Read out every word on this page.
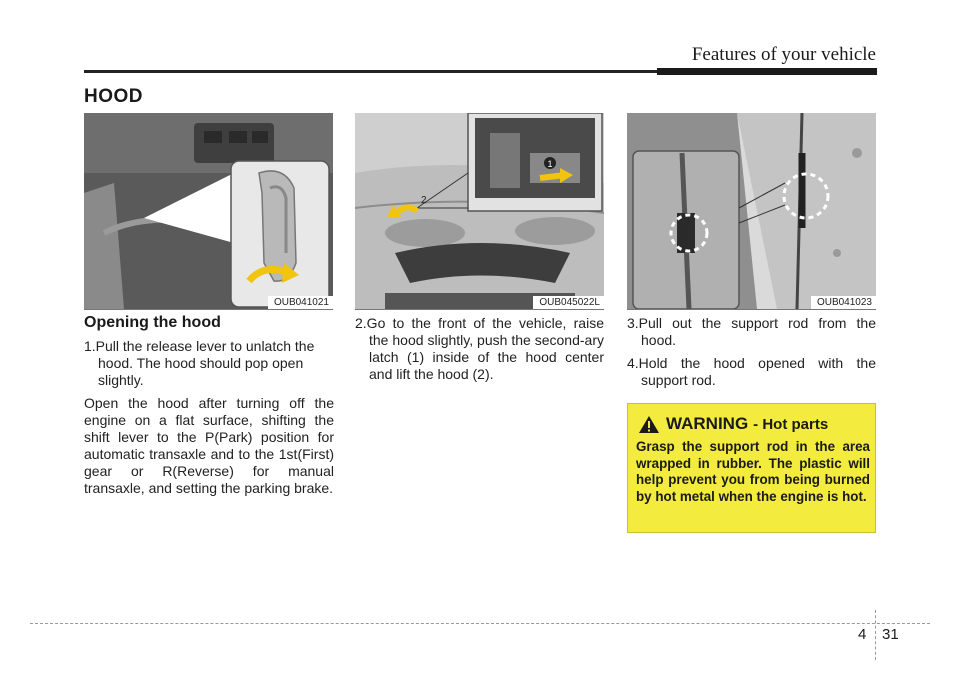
Features of your vehicle
HOOD
OUB041021
1
2
OUB045022L	OUB041023
Opening the hood

1.Pull the release lever to unlatch the hood. The hood should pop open slightly.

Open the hood after turning off the engine on a flat surface, shifting the shift lever to the P(Park) position for automatic transaxle and to the 1st(First) gear or R(Reverse) for manual transaxle, and setting the parking brake.

2.Go to the front of the vehicle, raise the hood slightly, push the second-ary latch (1) inside of the hood center and lift the hood (2).

3.Pull out the support rod from the hood.

4.Hold the hood opened with the support rod.

WARNING - Hot parts
Grasp the support rod in the area wrapped in rubber. The plastic will help prevent you from being burned by hot metal when the engine is hot.
4 31
